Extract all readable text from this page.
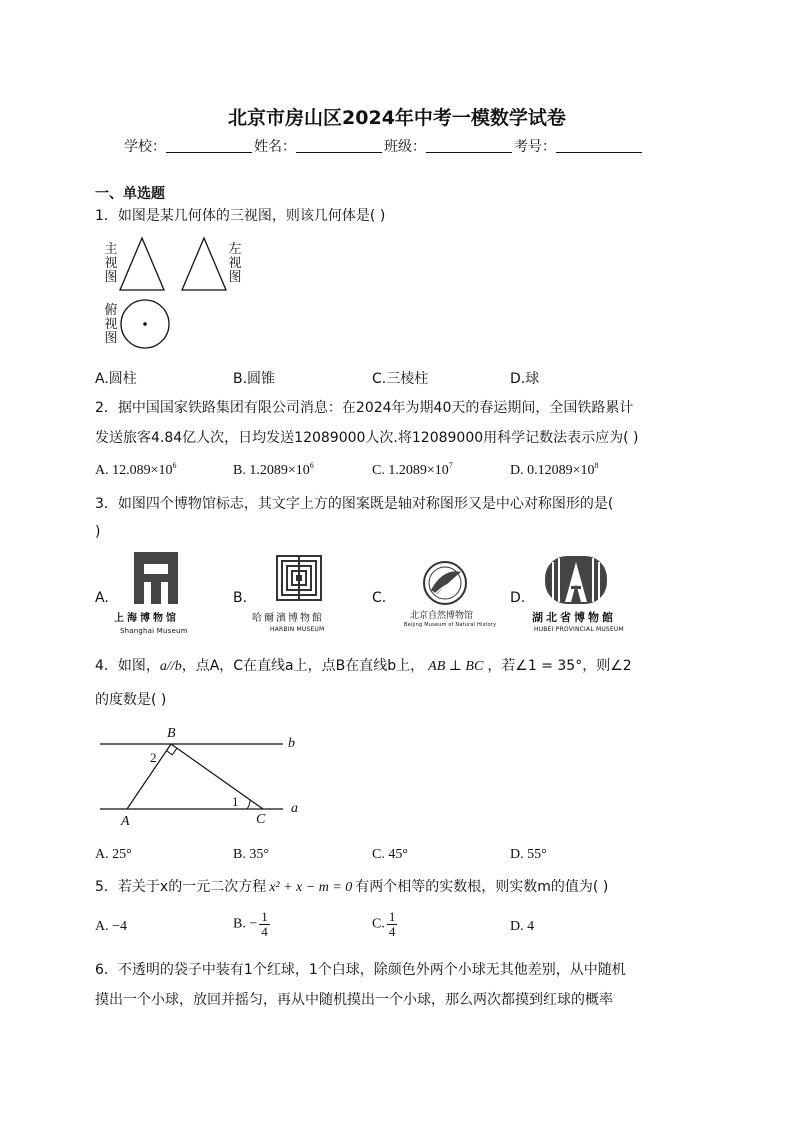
北京市房山区2024年中考一模数学试卷
学校：	姓名：	班级：	考号：
一、单选题
1．如图是某几何体的三视图，则该几何体是( )
主视图
左视图
俯视图
A.圆柱	B.圆锥	C.三棱柱	D.球
2．据中国国家铁路集团有限公司消息：在2024年为期40天的春运期间，全国铁路累计
发送旅客4.84亿人次，日均发送12089000人次.将12089000用科学记数法表示应为( )
A. $12.089\times 10^6$	B. $1.2089\times 10^6$	C. $1.2089\times 10^7$	D. $0.12089\times 10^8$
3．如图四个博物馆标志，其文字上方的图案既是轴对称图形又是中心对称图形的是(
)
A.	B.	C.	D.
上海博物馆
Shanghai Museum
哈爾濱博物館
HARBIN MUSEUM
北京自然博物馆
Beijing Museum of Natural History
湖北省博物館
HUBEI PROVINCIAL MUSEUM
4．如图，a//b，点A，C在直线a上，点B在直线b上， AB ⊥ BC ，若∠1 = 35°，则∠2
的度数是( )
B
b
2
1
A	C
a
A. 25°	B. 35°	C. 45°	D. 55°
5．若关于x的一元二次方程 x² + x − m = 0 有两个相等的实数根，则实数m的值为( )
A. −4	B. − $\frac{1}{4}$	C. $\frac{1}{4}$	D. 4
6．不透明的袋子中装有1个红球，1个白球，除颜色外两个小球无其他差别，从中随机
摸出一个小球，放回并摇匀，再从中随机摸出一个小球，那么两次都摸到红球的概率
